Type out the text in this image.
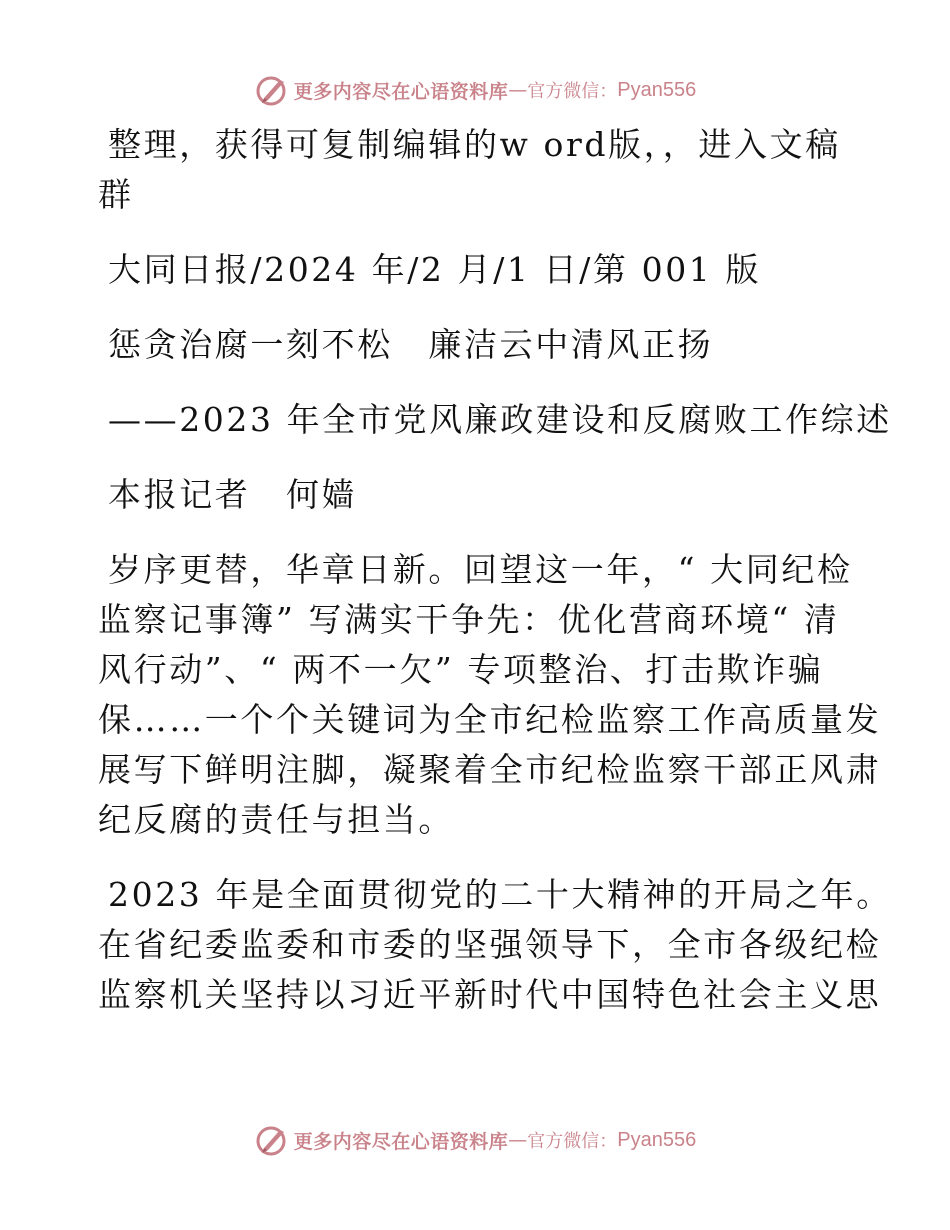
更多内容尽在心语资料库 — 官方微信： Pyan556
整理，获得可复制编辑的w ord版，，进入文稿
群
大同日报/2024 年/2 月/1 日/第 001 版
惩贪治腐一刻不松　廉洁云中清风正扬
——2023 年全市党风廉政建设和反腐败工作综述
本报记者　何嫱
岁序更替，华章日新。回望这一年，“ 大同纪检
监察记事簿” 写满实干争先：优化营商环境“ 清
风行动”、“ 两不一欠” 专项整治、打击欺诈骗
保……一个个关键词为全市纪检监察工作高质量发
展写下鲜明注脚，凝聚着全市纪检监察干部正风肃
纪反腐的责任与担当。
2023 年是全面贯彻党的二十大精神的开局之年。
在省纪委监委和市委的坚强领导下，全市各级纪检
监察机关坚持以习近平新时代中国特色社会主义思
更多内容尽在心语资料库 — 官方微信： Pyan556
